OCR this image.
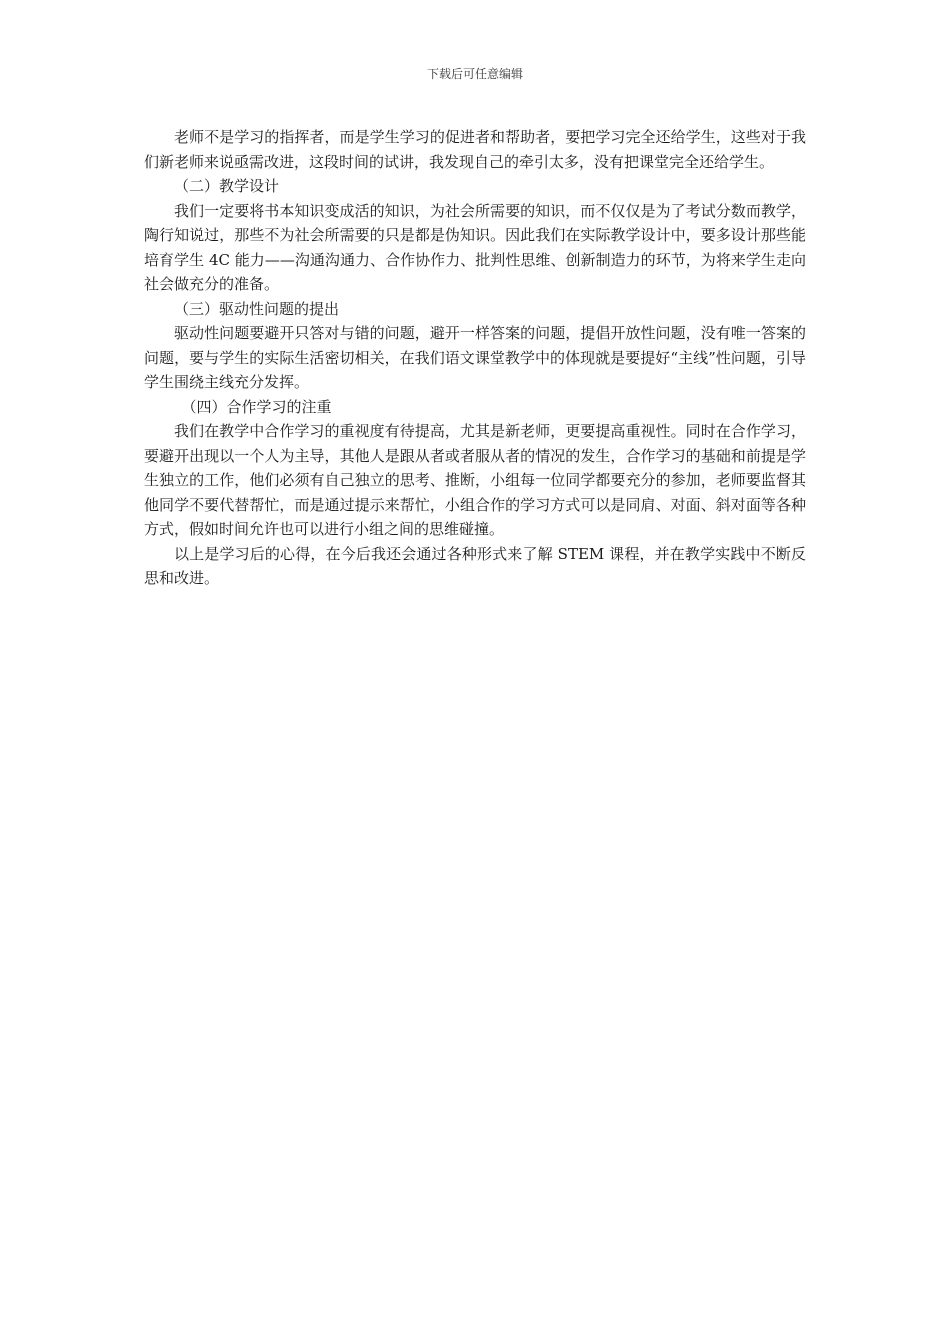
下载后可任意编辑

老师不是学习的指挥者，而是学生学习的促进者和帮助者，要把学习完全还给学生，这些对于我们新老师来说亟需改进，这段时间的试讲，我发现自己的牵引太多，没有把课堂完全还给学生。

（二）教学设计

我们一定要将书本知识变成活的知识，为社会所需要的知识，而不仅仅是为了考试分数而教学，陶行知说过，那些不为社会所需要的只是都是伪知识。因此我们在实际教学设计中，要多设计那些能培育学生 4C 能力——沟通沟通力、合作协作力、批判性思维、创新制造力的环节，为将来学生走向社会做充分的准备。

（三）驱动性问题的提出

驱动性问题要避开只答对与错的问题，避开一样答案的问题，提倡开放性问题，没有唯一答案的问题，要与学生的实际生活密切相关，在我们语文课堂教学中的体现就是要提好“主线”性问题，引导学生围绕主线充分发挥。

（四）合作学习的注重

我们在教学中合作学习的重视度有待提高，尤其是新老师，更要提高重视性。同时在合作学习，要避开出现以一个人为主导，其他人是跟从者或者服从者的情况的发生，合作学习的基础和前提是学生独立的工作，他们必须有自己独立的思考、推断，小组每一位同学都要充分的参加，老师要监督其他同学不要代替帮忙，而是通过提示来帮忙，小组合作的学习方式可以是同肩、对面、斜对面等各种方式，假如时间允许也可以进行小组之间的思维碰撞。

以上是学习后的心得，在今后我还会通过各种形式来了解 STEM 课程，并在教学实践中不断反思和改进。
